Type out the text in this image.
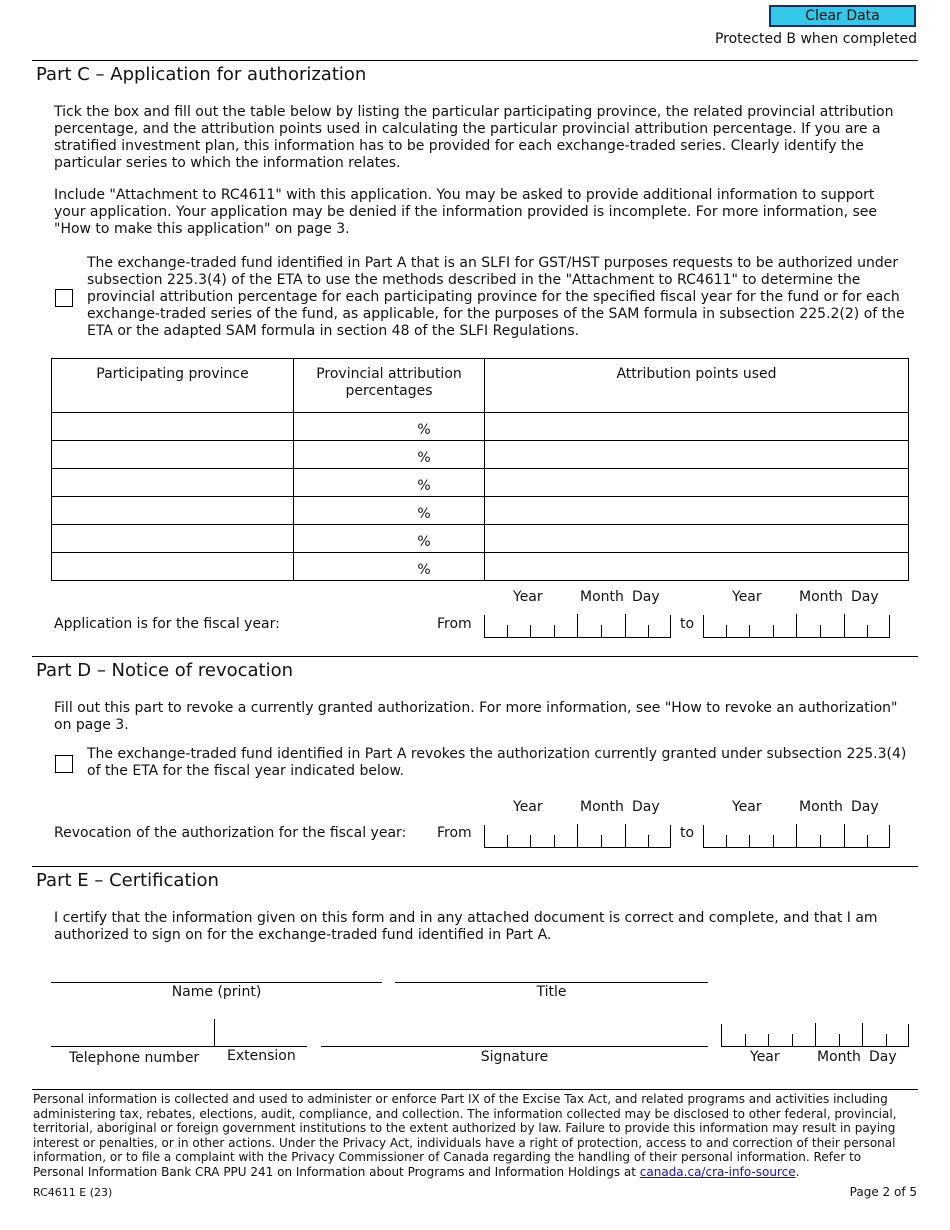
Clear Data
Protected B when completed
Part C – Application for authorization
Tick the box and fill out the table below by listing the particular participating province, the related provincial attribution percentage, and the attribution points used in calculating the particular provincial attribution percentage. If you are a stratified investment plan, this information has to be provided for each exchange-traded series. Clearly identify the particular series to which the information relates.
Include "Attachment to RC4611" with this application. You may be asked to provide additional information to support your application. Your application may be denied if the information provided is incomplete. For more information, see "How to make this application" on page 3.
The exchange-traded fund identified in Part A that is an SLFI for GST/HST purposes requests to be authorized under subsection 225.3(4) of the ETA to use the methods described in the "Attachment to RC4611" to determine the provincial attribution percentage for each participating province for the specified fiscal year for the fund or for each exchange-traded series of the fund, as applicable, for the purposes of the SAM formula in subsection 225.2(2) of the ETA or the adapted SAM formula in section 48 of the SLFI Regulations.
Participating province	Provincial attribution percentages	Attribution points used
	%	
	%	
	%	
	%	
	%	
	%	
Year	Month Day	Year	Month Day
Application is for the fiscal year:	From	to
Part D – Notice of revocation
Fill out this part to revoke a currently granted authorization. For more information, see "How to revoke an authorization" on page 3.
The exchange-traded fund identified in Part A revokes the authorization currently granted under subsection 225.3(4) of the ETA for the fiscal year indicated below.
Year	Month Day	Year	Month Day
Revocation of the authorization for the fiscal year: From	to
Part E – Certification
I certify that the information given on this form and in any attached document is correct and complete, and that I am authorized to sign on for the exchange-traded fund identified in Part A.
Name (print)	Title
Telephone number Extension	Signature	Year	Month Day
Personal information is collected and used to administer or enforce Part IX of the Excise Tax Act, and related programs and activities including administering tax, rebates, elections, audit, compliance, and collection. The information collected may be disclosed to other federal, provincial, territorial, aboriginal or foreign government institutions to the extent authorized by law. Failure to provide this information may result in paying interest or penalties, or in other actions. Under the Privacy Act, individuals have a right of protection, access to and correction of their personal information, or to file a complaint with the Privacy Commissioner of Canada regarding the handling of their personal information. Refer to Personal Information Bank CRA PPU 241 on Information about Programs and Information Holdings at canada.ca/cra-info-source.
RC4611 E (23)	Page 2 of 5
